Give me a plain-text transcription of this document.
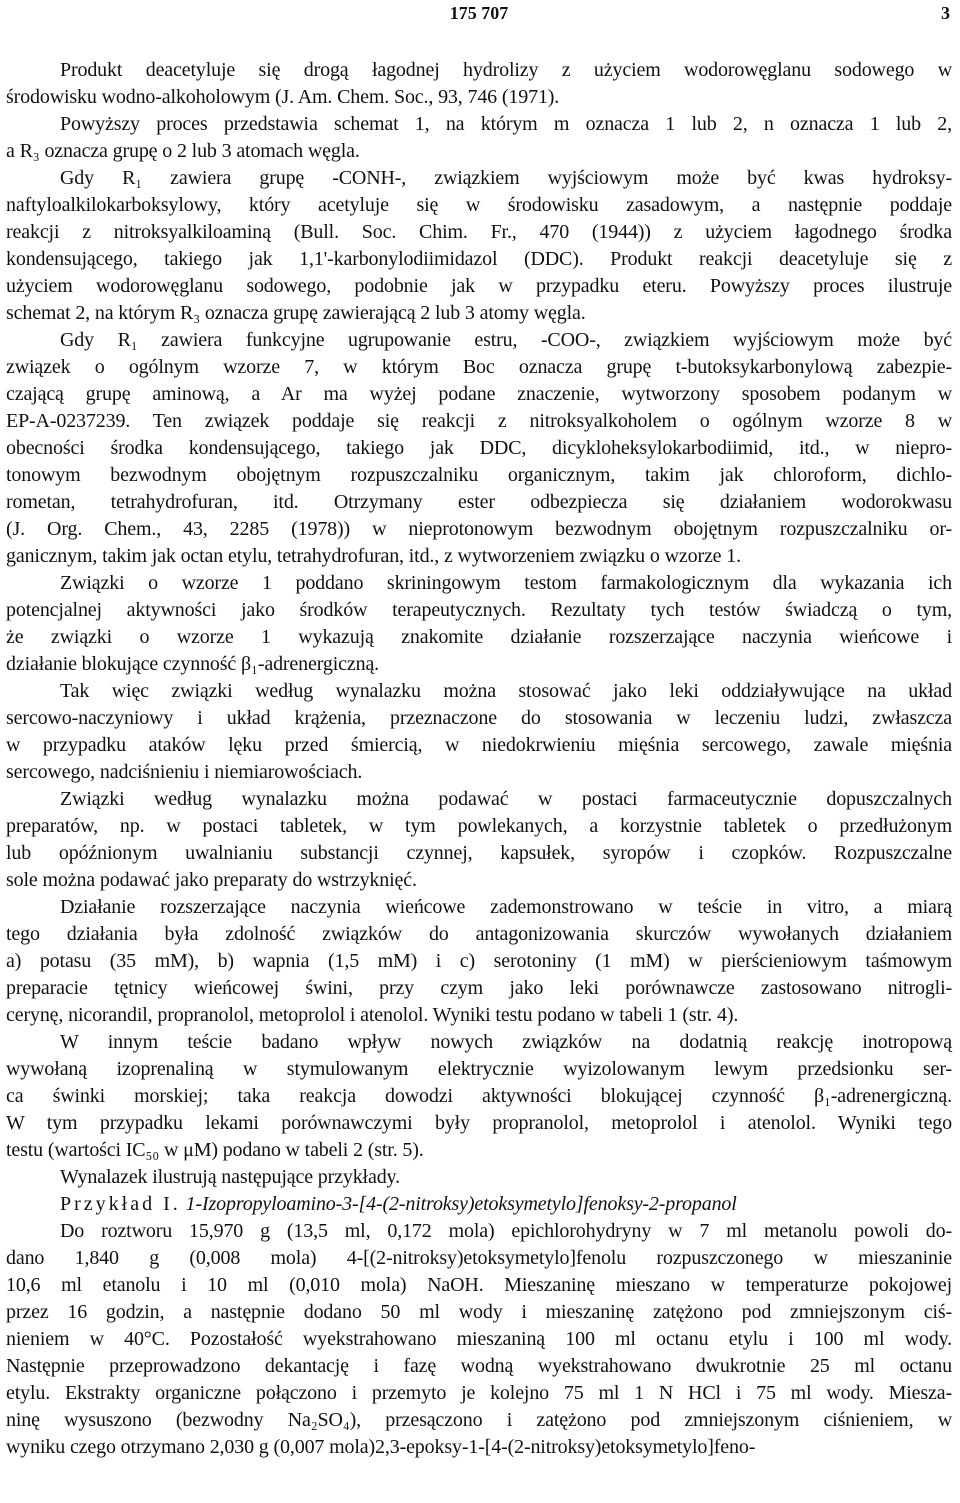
175 707	3
Produkt deacetyluje się drogą łagodnej hydrolizy z użyciem wodorowęglanu sodowego w
środowisku wodno-alkoholowym (J. Am. Chem. Soc., 93, 746 (1971).
Powyższy proces przedstawia schemat 1, na którym m oznacza 1 lub 2, n oznacza 1 lub 2,
a R₃ oznacza grupę o 2 lub 3 atomach węgla.
Gdy R₁ zawiera grupę -CONH-, związkiem wyjściowym może być kwas hydroksy-
naftyloalkilokarboksylowy, który acetyluje się w środowisku zasadowym, a następnie poddaje
reakcji z nitroksyalkiloaminą (Bull. Soc. Chim. Fr., 470 (1944)) z użyciem łagodnego środka
kondensującego, takiego jak 1,1'-karbonylodiimidazol (DDC). Produkt reakcji deacetyluje się z
użyciem wodorowęglanu sodowego, podobnie jak w przypadku eteru. Powyższy proces ilustruje
schemat 2, na którym R₃ oznacza grupę zawierającą 2 lub 3 atomy węgla.
Gdy R₁ zawiera funkcyjne ugrupowanie estru, -COO-, związkiem wyjściowym może być
związek o ogólnym wzorze 7, w którym Boc oznacza grupę t-butoksykarbonylową zabezpie-
czającą grupę aminową, a Ar ma wyżej podane znaczenie, wytworzony sposobem podanym w
EP-A-0237239. Ten związek poddaje się reakcji z nitroksyalkoholem o ogólnym wzorze 8 w
obecności środka kondensującego, takiego jak DDC, dicykloheksylokarbodiimid, itd., w niepro-
tonowym bezwodnym obojętnym rozpuszczalniku organicznym, takim jak chloroform, dichlo-
rometan, tetrahydrofuran, itd. Otrzymany ester odbezpiecza się działaniem wodorokwasu
(J. Org. Chem., 43, 2285 (1978)) w nieprotonowym bezwodnym obojętnym rozpuszczalniku or-
ganicznym, takim jak octan etylu, tetrahydrofuran, itd., z wytworzeniem związku o wzorze 1.
Związki o wzorze 1 poddano skriningowym testom farmakologicznym dla wykazania ich
potencjalnej aktywności jako środków terapeutycznych. Rezultaty tych testów świadczą o tym,
że związki o wzorze 1 wykazują znakomite działanie rozszerzające naczynia wieńcowe i
działanie blokujące czynność β₁-adrenergiczną.
Tak więc związki według wynalazku można stosować jako leki oddziaływujące na układ
sercowo-naczyniowy i układ krążenia, przeznaczone do stosowania w leczeniu ludzi, zwłaszcza
w przypadku ataków lęku przed śmiercią, w niedokrwieniu mięśnia sercowego, zawale mięśnia
sercowego, nadciśnieniu i niemiarowościach.
Związki według wynalazku można podawać w postaci farmaceutycznie dopuszczalnych
preparatów, np. w postaci tabletek, w tym powlekanych, a korzystnie tabletek o przedłużonym
lub opóźnionym uwalnianiu substancji czynnej, kapsułek, syropów i czopków. Rozpuszczalne
sole można podawać jako preparaty do wstrzyknięć.
Działanie rozszerzające naczynia wieńcowe zademonstrowano w teście in vitro, a miarą
tego działania była zdolność związków do antagonizowania skurczów wywołanych działaniem
a) potasu (35 mM), b) wapnia (1,5 mM) i c) serotoniny (1 mM) w pierścieniowym taśmowym
preparacie tętnicy wieńcowej świni, przy czym jako leki porównawcze zastosowano nitrogli-
cerynę, nicorandil, propranolol, metoprolol i atenolol. Wyniki testu podano w tabeli 1 (str. 4).
W innym teście badano wpływ nowych związków na dodatnią reakcję inotropową
wywołaną izoprenaliną w stymulowanym elektrycznie wyizolowanym lewym przedsionku ser-
ca świnki morskiej; taka reakcja dowodzi aktywności blokującej czynność β₁-adrenergiczną.
W tym przypadku lekami porównawczymi były propranolol, metoprolol i atenolol. Wyniki tego
testu (wartości IC₅₀ w μM) podano w tabeli 2 (str. 5).
Wynalazek ilustrują następujące przykłady.
Przykład I. 1-Izopropyloamino-3-[4-(2-nitroksy)etoksymetylo]fenoksy-2-propanol
Do roztworu 15,970 g (13,5 ml, 0,172 mola) epichlorohydryny w 7 ml metanolu powoli do-
dano 1,840 g (0,008 mola) 4-[(2-nitroksy)etoksymetylo]fenolu rozpuszczonego w mieszaninie
10,6 ml etanolu i 10 ml (0,010 mola) NaOH. Mieszaninę mieszano w temperaturze pokojowej
przez 16 godzin, a następnie dodano 50 ml wody i mieszaninę zatężono pod zmniejszonym ciś-
nieniem w 40°C. Pozostałość wyekstrahowano mieszaniną 100 ml octanu etylu i 100 ml wody.
Następnie przeprowadzono dekantację i fazę wodną wyekstrahowano dwukrotnie 25 ml octanu
etylu. Ekstrakty organiczne połączono i przemyto je kolejno 75 ml 1 N HCl i 75 ml wody. Miesza-
ninę wysuszono (bezwodny Na₂SO₄), przesączono i zatężono pod zmniejszonym ciśnieniem, w
wyniku czego otrzymano 2,030 g (0,007 mola)2,3-epoksy-1-[4-(2-nitroksy)etoksymetylo]feno-
